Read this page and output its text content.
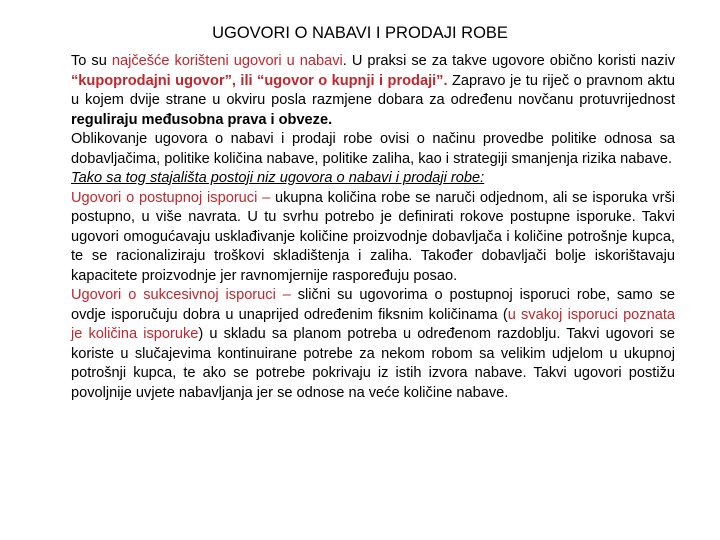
UGOVORI O NABAVI I PRODAJI ROBE

To su najčešće korišteni ugovori u nabavi. U praksi se za takve ugovore obično koristi naziv “kupoprodajni ugovor”, ili “ugovor o kupnji i prodaji”. Zapravo je tu riječ o pravnom aktu u kojem dvije strane u okviru posla razmjene dobara za određenu novčanu protuvrijednost reguliraju međusobna prava i obveze.

Oblikovanje ugovora o nabavi i prodaji robe ovisi o načinu provedbe politike odnosa sa dobavljačima, politike količina nabave, politike zaliha, kao i strategiji smanjenja rizika nabave.

Tako sa tog stajališta postoji niz ugovora o nabavi i prodaji robe:

Ugovori o postupnoj isporuci – ukupna količina robe se naruči odjednom, ali se isporuka vrši postupno, u više navrata. U tu svrhu potrebo je definirati rokove postupne isporuke. Takvi ugovori omogućavaju usklađivanje količine proizvodnje dobavljača i količine potrošnje kupca, te se racionaliziraju troškovi skladištenja i zaliha. Također dobavljači bolje iskorištavaju kapacitete proizvodnje jer ravnomjernije raspoređuju posao.

Ugovori o sukcesivnoj isporuci – slični su ugovorima o postupnoj isporuci robe, samo se ovdje isporučuju dobra u unaprijed određenim fiksnim količinama (u svakoj isporuci poznata je količina isporuke) u skladu sa planom potreba u određenom razdoblju. Takvi ugovori se koriste u slučajevima kontinuirane potrebe za nekom robom sa velikim udjelom u ukupnoj potrošnji kupca, te ako se potrebe pokrivaju iz istih izvora nabave. Takvi ugovori postižu povoljnije uvjete nabavljanja jer se odnose na veće količine nabave.
